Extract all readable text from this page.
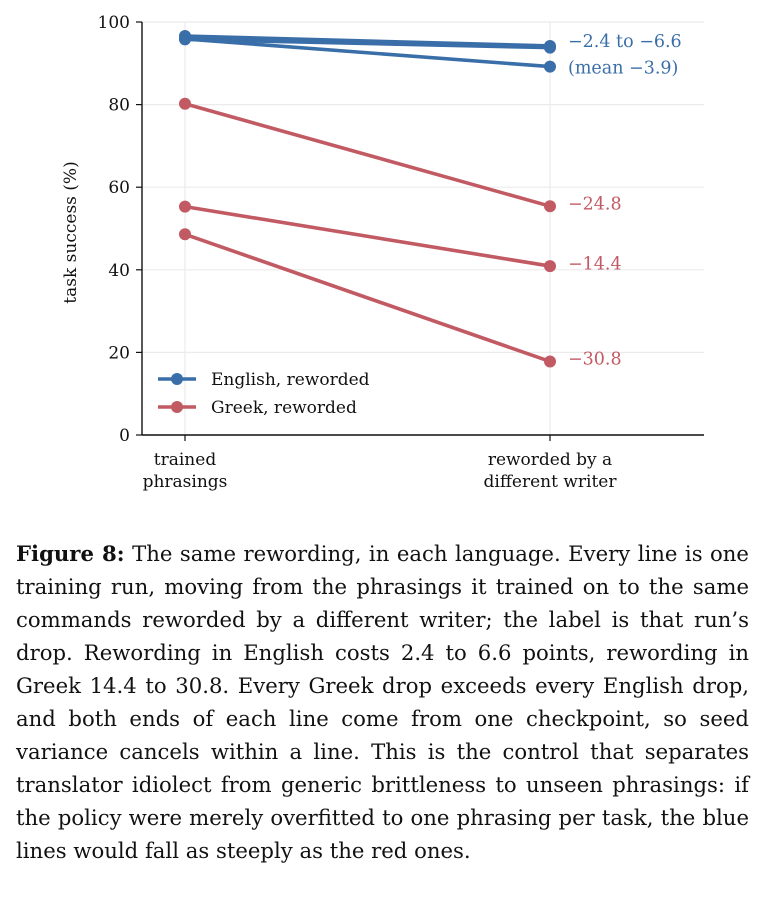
0
20
40
60
80
100
trained
phrasings
reworded by a
different writer
task success (%)
−2.4 to −6.6
(mean −3.9)
−24.8
−14.4
−30.8
English, reworded
Greek, reworded
Figure 8: The same rewording, in each language. Every line is one training run, moving from the phrasings it trained on to the same commands reworded by a different writer; the label is that run’s drop. Rewording in English costs 2.4 to 6.6 points, rewording in Greek 14.4 to 30.8. Every Greek drop exceeds every English drop, and both ends of each line come from one checkpoint, so seed variance cancels within a line. This is the control that separates translator idiolect from generic brittleness to unseen phrasings: if the policy were merely overfitted to one phrasing per task, the blue lines would fall as steeply as the red ones.
